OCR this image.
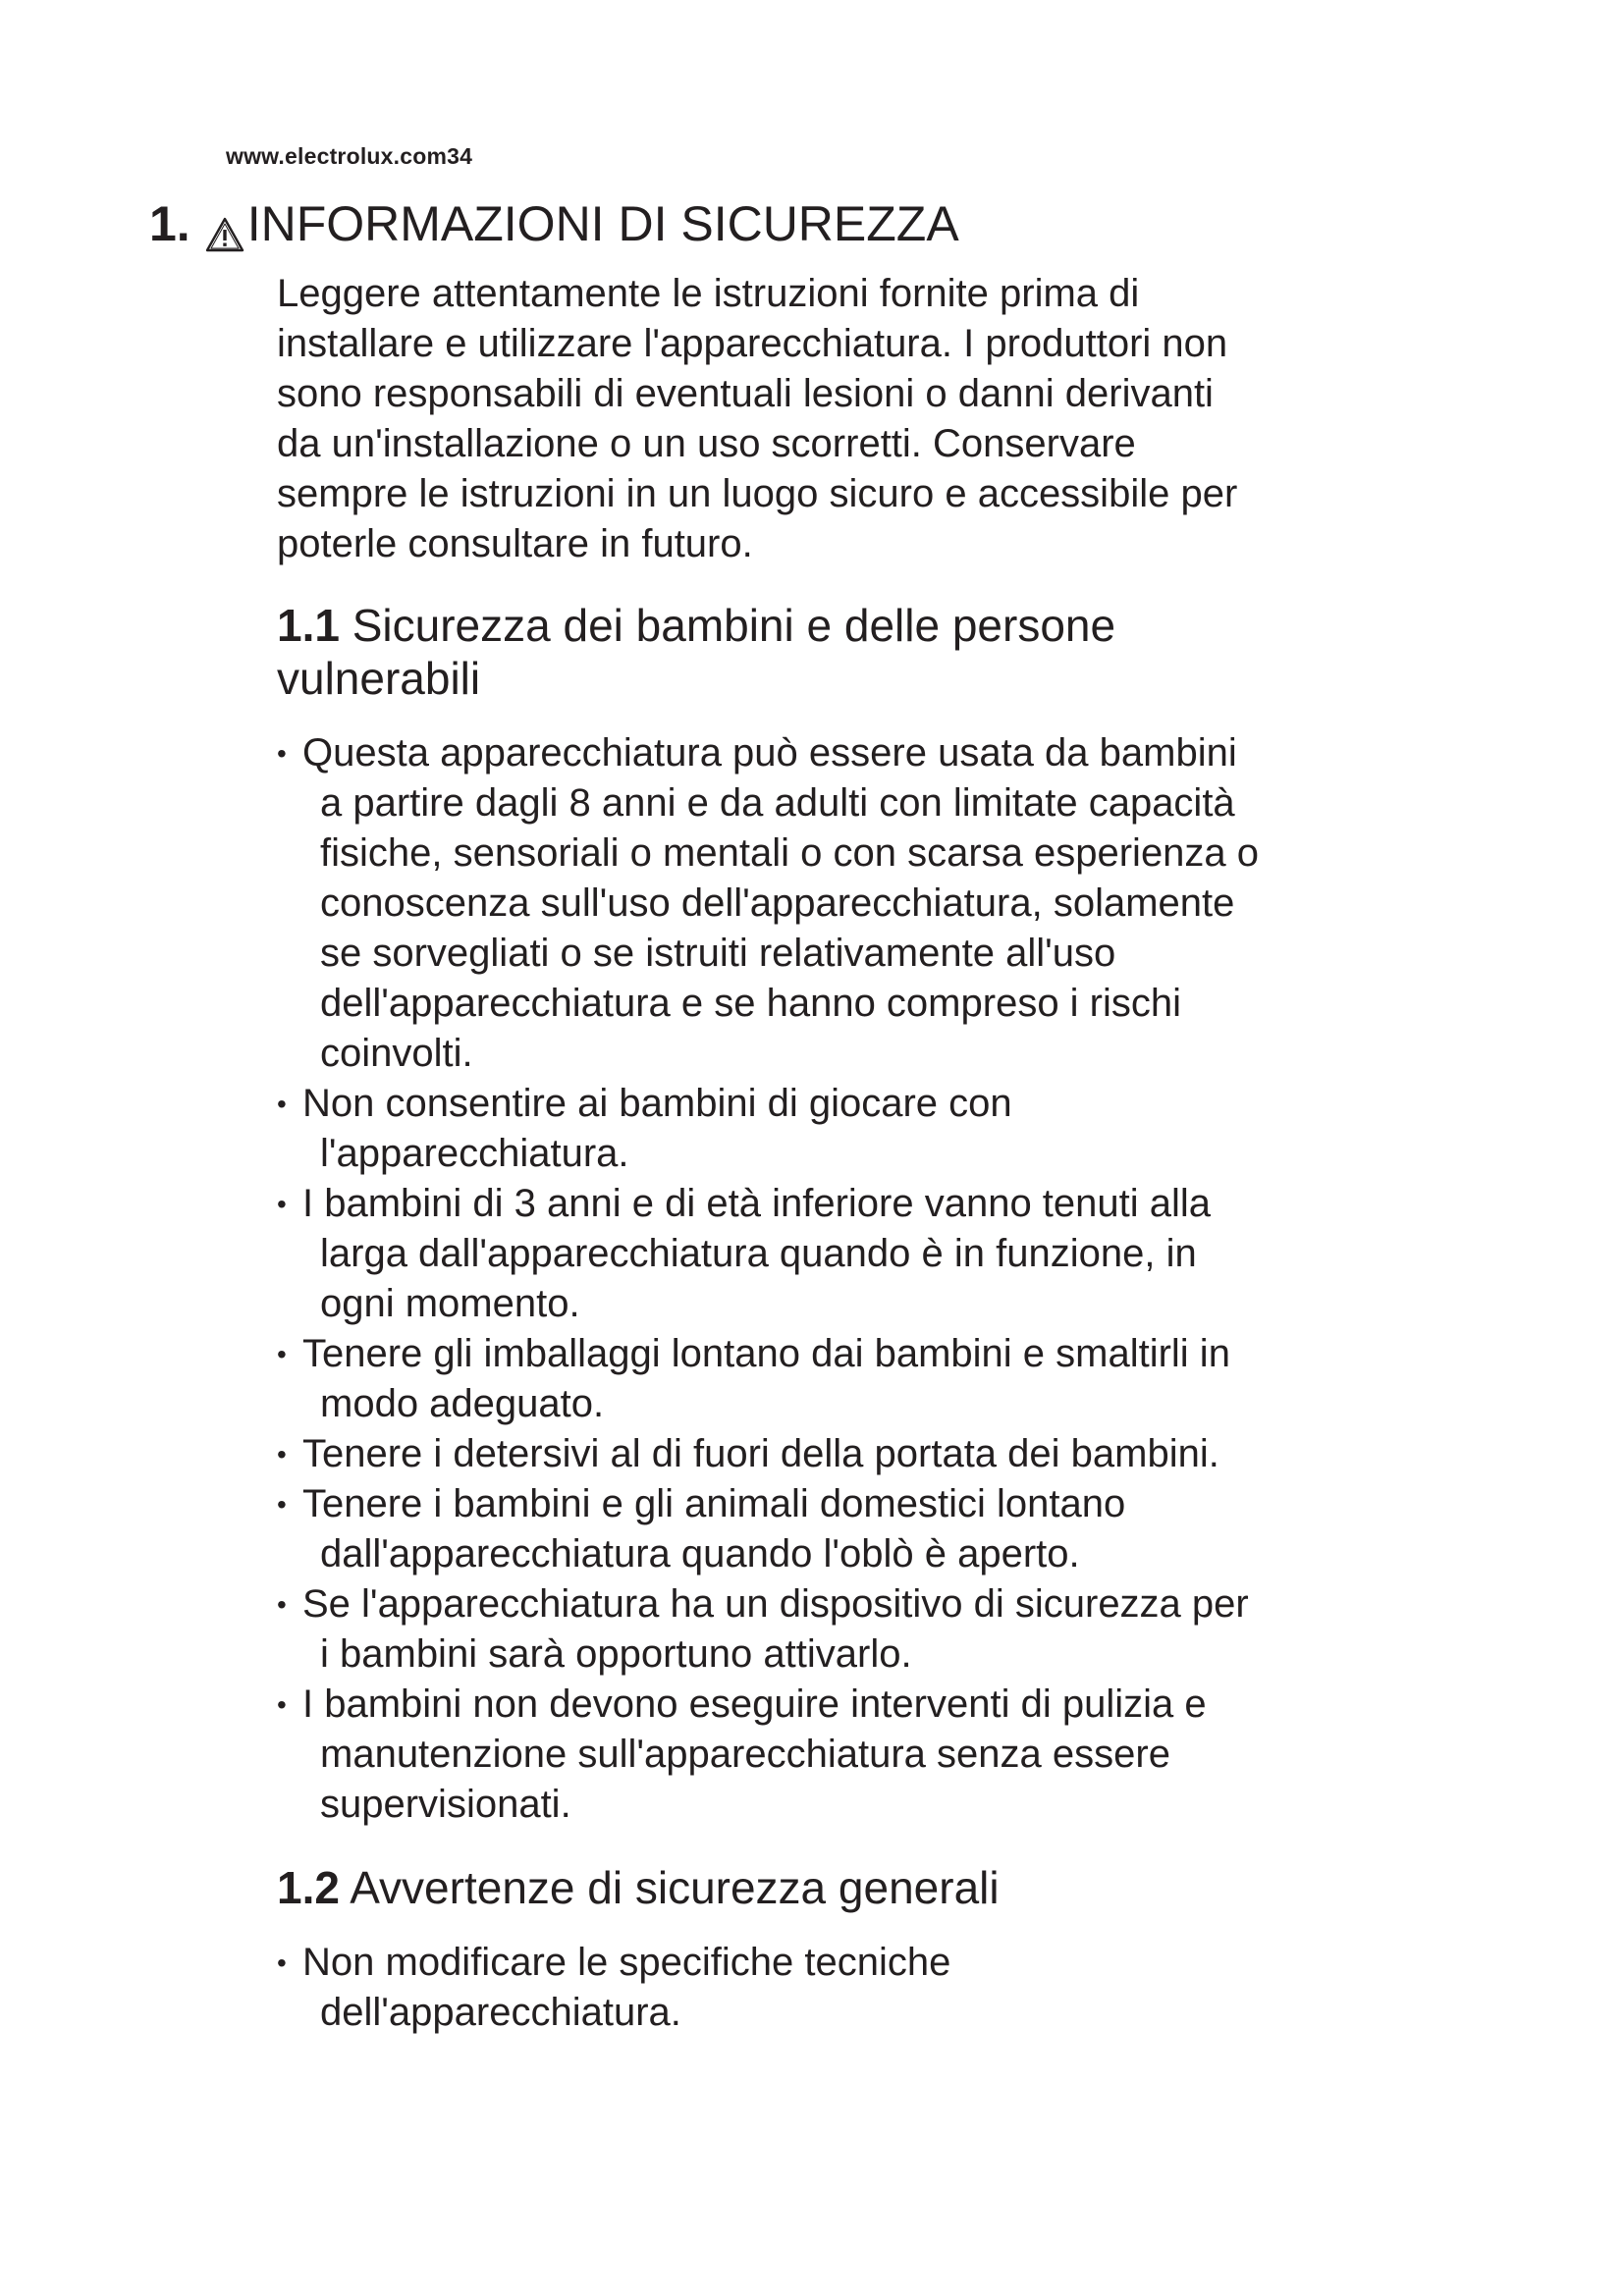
www.electrolux.com34
1. INFORMAZIONI DI SICUREZZA
Leggere attentamente le istruzioni fornite prima di
installare e utilizzare l'apparecchiatura. I produttori non
sono responsabili di eventuali lesioni o danni derivanti
da un'installazione o un uso scorretti. Conservare
sempre le istruzioni in un luogo sicuro e accessibile per
poterle consultare in futuro.
1.1 Sicurezza dei bambini e delle persone
vulnerabili
• Questa apparecchiatura può essere usata da bambini
a partire dagli 8 anni e da adulti con limitate capacità
fisiche, sensoriali o mentali o con scarsa esperienza o
conoscenza sull'uso dell'apparecchiatura, solamente
se sorvegliati o se istruiti relativamente all'uso
dell'apparecchiatura e se hanno compreso i rischi
coinvolti.
• Non consentire ai bambini di giocare con
l'apparecchiatura.
• I bambini di 3 anni e di età inferiore vanno tenuti alla
larga dall'apparecchiatura quando è in funzione, in
ogni momento.
• Tenere gli imballaggi lontano dai bambini e smaltirli in
modo adeguato.
• Tenere i detersivi al di fuori della portata dei bambini.
• Tenere i bambini e gli animali domestici lontano
dall'apparecchiatura quando l'oblò è aperto.
• Se l'apparecchiatura ha un dispositivo di sicurezza per
i bambini sarà opportuno attivarlo.
• I bambini non devono eseguire interventi di pulizia e
manutenzione sull'apparecchiatura senza essere
supervisionati.
1.2 Avvertenze di sicurezza generali
• Non modificare le specifiche tecniche
dell'apparecchiatura.
